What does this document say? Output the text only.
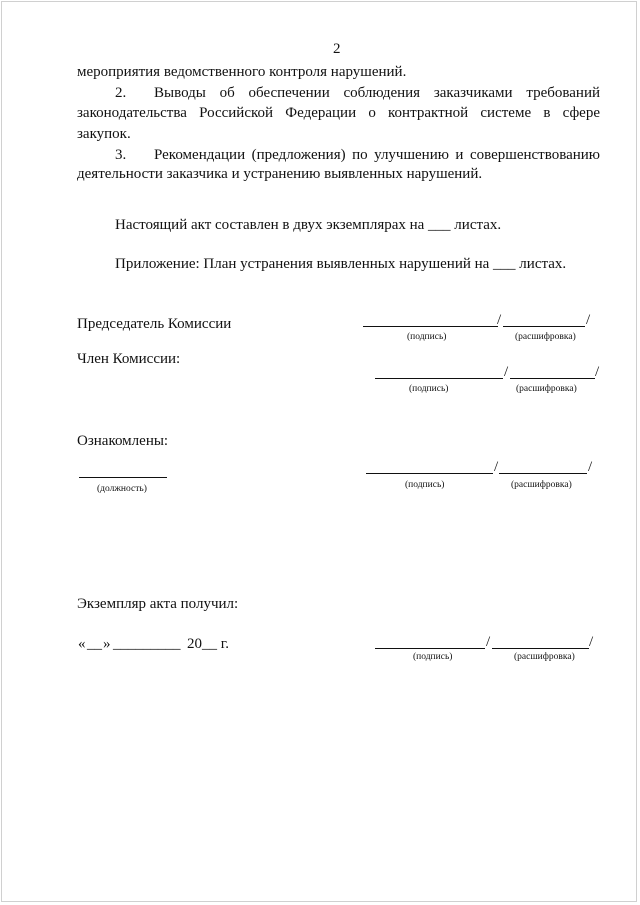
2
мероприятия ведомственного контроля нарушений.
2. Выводы об обеспечении соблюдения заказчиками требований
законодательства Российской Федерации о контрактной системе в сфере
закупок.
3. Рекомендации (предложения) по улучшению и совершенствованию
деятельности заказчика и устранению выявленных нарушений.
Настоящий акт составлен в двух экземплярах на ___ листах.
Приложение: План устранения выявленных нарушений на ___ листах.
Председатель Комиссии	/	/
(подпись)	(расшифровка)
Член Комиссии:
/	/
(подпись)	(расшифровка)
Ознакомлены:
(должность)
/	/
(подпись)	(расшифровка)
Экземпляр акта получил:
« __ » _________ 20__ г.	/	/
(подпись)	(расшифровка)
